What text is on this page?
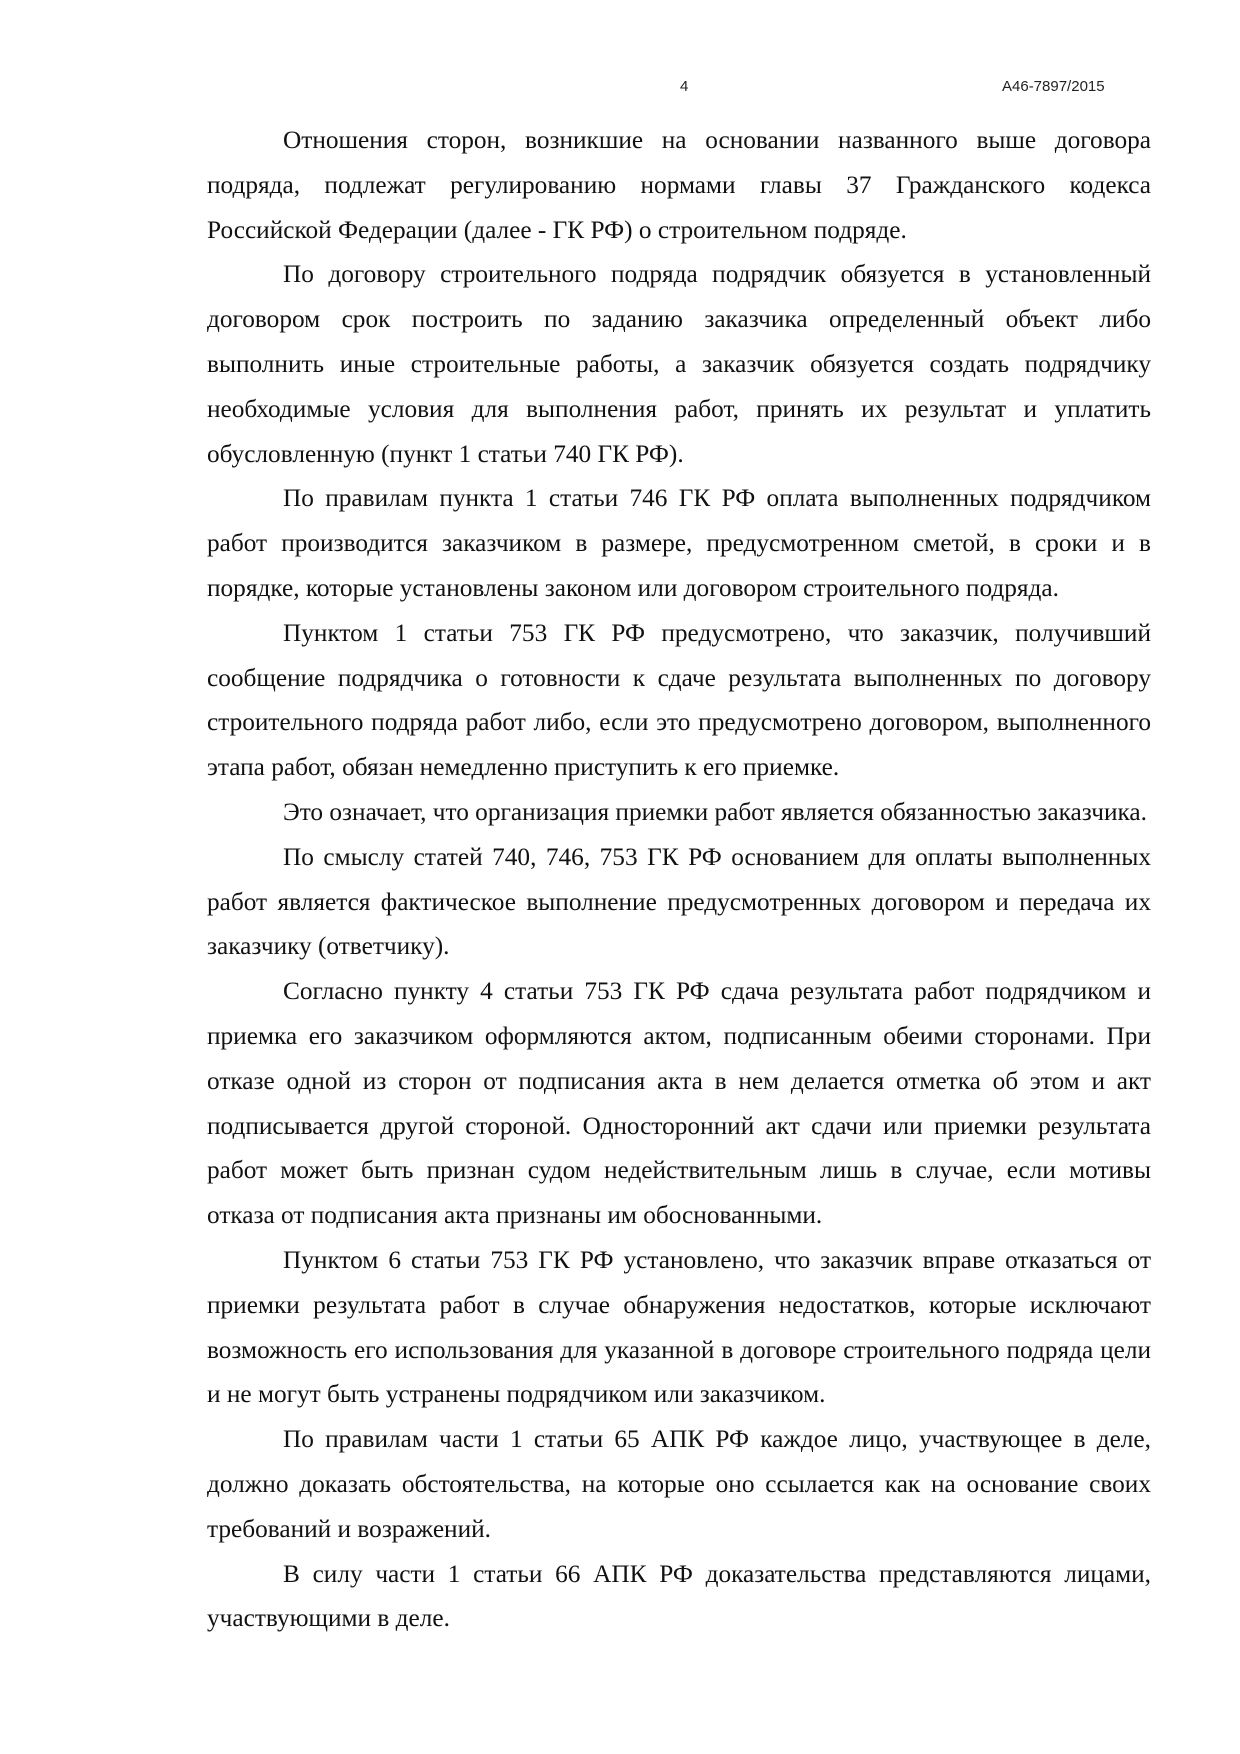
4	А46-7897/2015

Отношения сторон, возникшие на основании названного выше договора подряда, подлежат регулированию нормами главы 37 Гражданского кодекса Российской Федерации (далее - ГК РФ) о строительном подряде.

По договору строительного подряда подрядчик обязуется в установленный договором срок построить по заданию заказчика определенный объект либо выполнить иные строительные работы, а заказчик обязуется создать подрядчику необходимые условия для выполнения работ, принять их результат и уплатить обусловленную (пункт 1 статьи 740 ГК РФ).

По правилам пункта 1 статьи 746 ГК РФ оплата выполненных подрядчиком работ производится заказчиком в размере, предусмотренном сметой, в сроки и в порядке, которые установлены законом или договором строительного подряда.

Пунктом 1 статьи 753 ГК РФ предусмотрено, что заказчик, получивший сообщение подрядчика о готовности к сдаче результата выполненных по договору строительного подряда работ либо, если это предусмотрено договором, выполненного этапа работ, обязан немедленно приступить к его приемке.

Это означает, что организация приемки работ является обязанностью заказчика.

По смыслу статей 740, 746, 753 ГК РФ основанием для оплаты выполненных работ является фактическое выполнение предусмотренных договором и передача их заказчику (ответчику).

Согласно пункту 4 статьи 753 ГК РФ сдача результата работ подрядчиком и приемка его заказчиком оформляются актом, подписанным обеими сторонами. При отказе одной из сторон от подписания акта в нем делается отметка об этом и акт подписывается другой стороной. Односторонний акт сдачи или приемки результата работ может быть признан судом недействительным лишь в случае, если мотивы отказа от подписания акта признаны им обоснованными.

Пунктом 6 статьи 753 ГК РФ установлено, что заказчик вправе отказаться от приемки результата работ в случае обнаружения недостатков, которые исключают возможность его использования для указанной в договоре строительного подряда цели и не могут быть устранены подрядчиком или заказчиком.

По правилам части 1 статьи 65 АПК РФ каждое лицо, участвующее в деле, должно доказать обстоятельства, на которые оно ссылается как на основание своих требований и возражений.

В силу части 1 статьи 66 АПК РФ доказательства представляются лицами, участвующими в деле.
